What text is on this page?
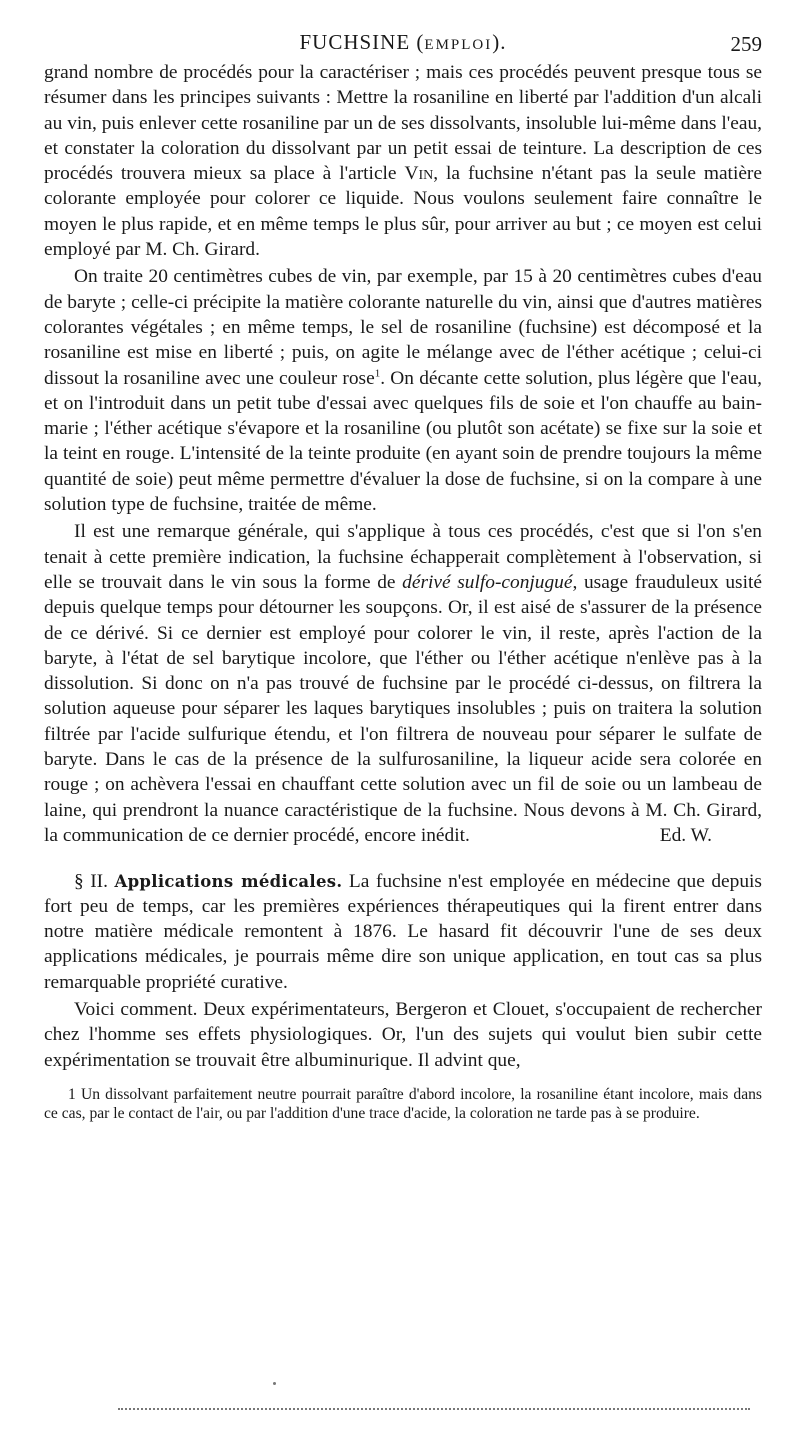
FUCHSINE (EMPLOI).	259

grand nombre de procédés pour la caractériser ; mais ces procédés peuvent presque tous se résumer dans les principes suivants : Mettre la rosaniline en liberté par l'addition d'un alcali au vin, puis enlever cette rosaniline par un de ses dissolvants, insoluble lui-même dans l'eau, et constater la coloration du dissolvant par un petit essai de teinture. La description de ces procédés trouvera mieux sa place à l'article Vin, la fuchsine n'étant pas la seule matière colorante employée pour colorer ce liquide. Nous voulons seulement faire connaître le moyen le plus rapide, et en même temps le plus sûr, pour arriver au but ; ce moyen est celui employé par M. Ch. Girard.

On traite 20 centimètres cubes de vin, par exemple, par 15 à 20 centimètres cubes d'eau de baryte ; celle-ci précipite la matière colorante naturelle du vin, ainsi que d'autres matières colorantes végétales ; en même temps, le sel de rosaniline (fuchsine) est décomposé et la rosaniline est mise en liberté ; puis, on agite le mélange avec de l'éther acétique ; celui-ci dissout la rosaniline avec une couleur rose$^1$. On décante cette solution, plus légère que l'eau, et on l'introduit dans un petit tube d'essai avec quelques fils de soie et l'on chauffe au bain-marie ; l'éther acétique s'évapore et la rosaniline (ou plutôt son acétate) se fixe sur la soie et la teint en rouge. L'intensité de la teinte produite (en ayant soin de prendre toujours la même quantité de soie) peut même permettre d'évaluer la dose de fuchsine, si on la compare à une solution type de fuchsine, traitée de même.

Il est une remarque générale, qui s'applique à tous ces procédés, c'est que si l'on s'en tenait à cette première indication, la fuchsine échapperait complètement à l'observation, si elle se trouvait dans le vin sous la forme de dérivé sulfo-conjugué, usage frauduleux usité depuis quelque temps pour détourner les soupçons. Or, il est aisé de s'assurer de la présence de ce dérivé. Si ce dernier est employé pour colorer le vin, il reste, après l'action de la baryte, à l'état de sel barytique incolore, que l'éther ou l'éther acétique n'enlève pas à la dissolution. Si donc on n'a pas trouvé de fuchsine par le procédé ci-dessus, on filtrera la solution aqueuse pour séparer les laques barytiques insolubles ; puis on traitera la solution filtrée par l'acide sulfurique étendu, et l'on filtrera de nouveau pour séparer le sulfate de baryte. Dans le cas de la présence de la sulfurosaniline, la liqueur acide sera colorée en rouge ; on achèvera l'essai en chauffant cette solution avec un fil de soie ou un lambeau de laine, qui prendront la nuance caractéristique de la fuchsine. Nous devons à M. Ch. Girard, la communication de ce dernier procédé, encore inédit.	Ed. W.

§ II. Applications médicales. La fuchsine n'est employée en médecine que depuis fort peu de temps, car les premières expériences thérapeutiques qui la firent entrer dans notre matière médicale remontent à 1876. Le hasard fit découvrir l'une de ses deux applications médicales, je pourrais même dire son unique application, en tout cas sa plus remarquable propriété curative.

Voici comment. Deux expérimentateurs, Bergeron et Clouet, s'occupaient de rechercher chez l'homme ses effets physiologiques. Or, l'un des sujets qui voulut bien subir cette expérimentation se trouvait être albuminurique. Il advint que,

1 Un dissolvant parfaitement neutre pourrait paraître d'abord incolore, la rosaniline étant incolore, mais dans ce cas, par le contact de l'air, ou par l'addition d'une trace d'acide, la coloration ne tarde pas à se produire.
